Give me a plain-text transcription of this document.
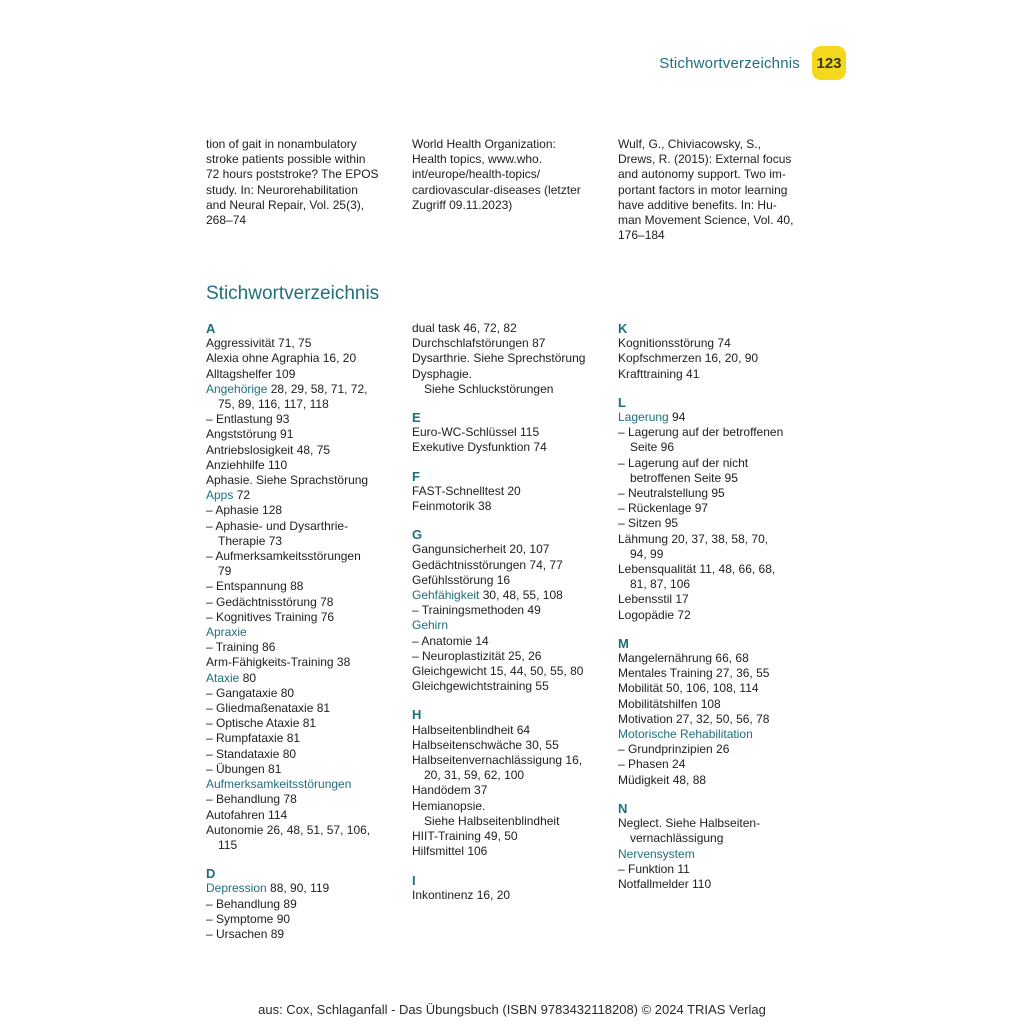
Stichwortverzeichnis 123
tion of gait in nonambulatory
stroke patients possible within
72 hours poststroke? The EPOS
study. In: Neurorehabilitation
and Neural Repair, Vol. 25(3),
268–74
World Health Organization:
Health topics, www.who.
int/europe/health-topics/
cardiovascular-diseases (letzter
Zugriff 09.11.2023)
Wulf, G., Chiviacowsky, S.,
Drews, R. (2015): External focus
and autonomy support. Two im-
portant factors in motor learning
have additive benefits. In: Hu-
man Movement Science, Vol. 40,
176–184
Stichwortverzeichnis
A
Aggressivität 71, 75
Alexia ohne Agraphia 16, 20
Alltagshelfer 109
Angehörige 28, 29, 58, 71, 72,
75, 89, 116, 117, 118
– Entlastung 93
Angststörung 91
Antriebslosigkeit 48, 75
Anziehhilfe 110
Aphasie. Siehe Sprachstörung
Apps 72
– Aphasie 128
– Aphasie- und Dysarthrie-
Therapie 73
– Aufmerksamkeitsstörungen
79
– Entspannung 88
– Gedächtnisstörung 78
– Kognitives Training 76
Apraxie
– Training 86
Arm-Fähigkeits-Training 38
Ataxie 80
– Gangataxie 80
– Gliedmaßenataxie 81
– Optische Ataxie 81
– Rumpfataxie 81
– Standataxie 80
– Übungen 81
Aufmerksamkeitsstörungen
– Behandlung 78
Autofahren 114
Autonomie 26, 48, 51, 57, 106,
115
D
Depression 88, 90, 119
– Behandlung 89
– Symptome 90
– Ursachen 89
dual task 46, 72, 82
Durchschlafstörungen 87
Dysarthrie. Siehe Sprechstörung
Dysphagie.
Siehe Schluckstörungen
E
Euro-WC-Schlüssel 115
Exekutive Dysfunktion 74
F
FAST-Schnelltest 20
Feinmotorik 38
G
Gangunsicherheit 20, 107
Gedächtnisstörungen 74, 77
Gefühlsstörung 16
Gehfähigkeit 30, 48, 55, 108
– Trainingsmethoden 49
Gehirn
– Anatomie 14
– Neuroplastizität 25, 26
Gleichgewicht 15, 44, 50, 55, 80
Gleichgewichtstraining 55
H
Halbseitenblindheit 64
Halbseitenschwäche 30, 55
Halbseitenvernachlässigung 16,
20, 31, 59, 62, 100
Handödem 37
Hemianopsie.
Siehe Halbseitenblindheit
HIIT-Training 49, 50
Hilfsmittel 106
I
Inkontinenz 16, 20
K
Kognitionsstörung 74
Kopfschmerzen 16, 20, 90
Krafttraining 41
L
Lagerung 94
– Lagerung auf der betroffenen
Seite 96
– Lagerung auf der nicht
betroffenen Seite 95
– Neutralstellung 95
– Rückenlage 97
– Sitzen 95
Lähmung 20, 37, 38, 58, 70,
94, 99
Lebensqualität 11, 48, 66, 68,
81, 87, 106
Lebensstil 17
Logopädie 72
M
Mangelernährung 66, 68
Mentales Training 27, 36, 55
Mobilität 50, 106, 108, 114
Mobilitätshilfen 108
Motivation 27, 32, 50, 56, 78
Motorische Rehabilitation
– Grundprinzipien 26
– Phasen 24
Müdigkeit 48, 88
N
Neglect. Siehe Halbseiten-
vernachlässigung
Nervensystem
– Funktion 11
Notfallmelder 110
aus: Cox, Schlaganfall - Das Übungsbuch (ISBN 9783432118208) © 2024 TRIAS Verlag
